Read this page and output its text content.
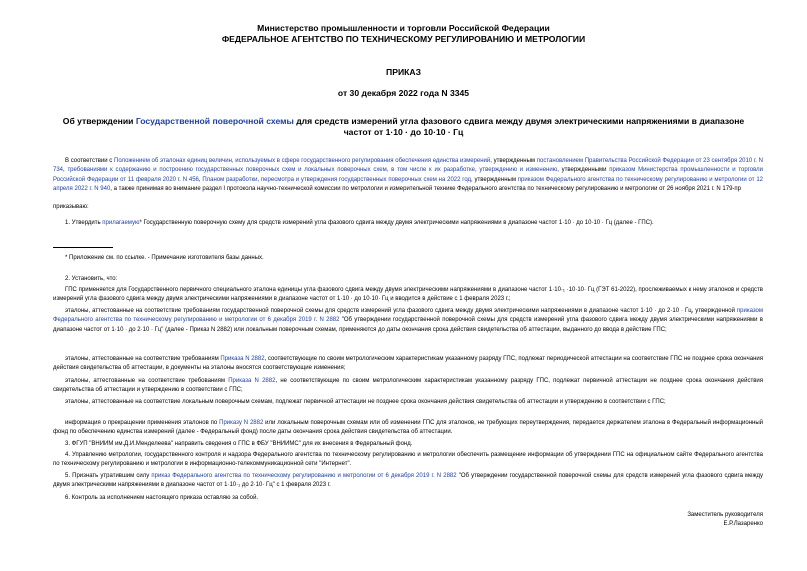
Министерство промышленности и торговли Российской Федерации
ФЕДЕРАЛЬНОЕ АГЕНТСТВО ПО ТЕХНИЧЕСКОМУ РЕГУЛИРОВАНИЮ И МЕТРОЛОГИИ
ПРИКАЗ
от 30 декабря 2022 года N 3345
Об утверждении Государственной поверочной схемы для средств измерений угла фазового сдвига между двумя электрическими напряжениями в диапазоне частот от 1·10 · до 10·10 · Гц
В соответствии с Положением об эталонах единиц величин, используемых в сфере государственного регулирования обеспечения единства измерений, утвержденным постановлением Правительства Российской Федерации от 23 сентября 2010 г. N 734, требованиями к содержанию и построению государственных поверочных схем и локальных поверочных схем, в том числе к их разработке, утверждению и изменению, утвержденными приказом Министерства промышленности и торговли Российской Федерации от 11 февраля 2020 г. N 456, Планом разработки, пересмотра и утверждения государственных поверочных схем на 2022 год, утвержденным приказом Федерального агентства по техническому регулированию и метрологии от 12 апреля 2022 г. N 940, а также принимая во внимание раздел I протокола научно-технической комиссии по метрологии и измерительной технике Федерального агентства по техническому регулированию и метрологии от 26 ноября 2021 г. N 179-пр
приказываю:
1. Утвердить прилагаемую* Государственную поверочную схему для средств измерений угла фазового сдвига между двумя электрическими напряжениями в диапазоне частот 1·10 · до 10·10 · Гц (далее - ГПС).
* Приложение см. по ссылке. - Примечание изготовителя базы данных.
2. Установить, что:
ГПС применяется для Государственного первичного специального эталона единицы угла фазового сдвига между двумя электрическими напряжениями в диапазоне частот 1·10·₁ ·10·10· Гц (ГЭТ 61-2022), прослеживаемых к нему эталонов и средств измерений угла фазового сдвига между двумя электрическими напряжениями в диапазоне частот от 1·10 · до 10·10· Гц и вводится в действие с 1 февраля 2023 г.;
эталоны, аттестованные на соответствие требованиям государственной поверочной схемы для средств измерений угла фазового сдвига между двумя электрическими напряжениями в диапазоне частот 1·10 · до 2·10 · Гц, утвержденной приказом Федерального агентства по техническому регулированию и метрологии от 6 декабря 2019 г. N 2882 "Об утверждении государственной поверочной схемы для средств измерений угла фазового сдвига между двумя электрическими напряжениями в диапазоне частот от 1·10 · до 2·10 · Гц" (далее - Приказ N 2882) или локальным поверочным схемам, применяются до даты окончания срока действия свидетельства об аттестации, выданного до ввода в действие ГПС;
эталоны, аттестованные на соответствие требованиям Приказа N 2882, соответствующие по своим метрологическим характеристикам указанному разряду ГПС, подлежат периодической аттестации на соответствие ГПС не позднее срока окончания действия свидетельства об аттестации, в документы на эталоны вносятся соответствующие изменения;
эталоны, аттестованные на соответствие требованиям Приказа N 2882, не соответствующие по своим метрологическим характеристикам указанному разряду ГПС, подлежат первичной аттестации не позднее срока окончания действия свидетельства об аттестации и утверждению в соответствии с ГПС;
эталоны, аттестованные на соответствие локальным поверочным схемам, подлежат первичной аттестации не позднее срока окончания действия свидетельства об аттестации и утверждению в соответствии с ГПС;
информация о прекращении применения эталонов по Приказу N 2882 или локальным поверочным схемам или об изменении ГПС для эталонов, не требующих переутверждения, передается держателем эталона в Федеральный информационный фонд по обеспечению единства измерений (далее - Федеральный фонд) после даты окончания срока действия свидетельства об аттестации.
3. ФГУП "ВНИИМ им.Д.И.Менделеева" направить сведения о ГПС в ФБУ "ВНИИМС" для их внесения в Федеральный фонд.
4. Управлению метрологии, государственного контроля и надзора Федерального агентства по техническому регулированию и метрологии обеспечить размещение информации об утверждении ГПС на официальном сайте Федерального агентства по техническому регулированию и метрологии в информационно-телекоммуникационной сети "Интернет".
5. Признать утратившим силу приказ Федерального агентства по техническому регулированию и метрологии от 6 декабря 2019 г. N 2882 "Об утверждении государственной поверочной схемы для средств измерений угла фазового сдвига между двумя электрическими напряжениями в диапазоне частот от 1·10·₁ до 2·10· Гц" с 1 февраля 2023 г.
6. Контроль за исполнением настоящего приказа оставляю за собой.
Заместитель руководителя
Е.Р.Лазаренко
